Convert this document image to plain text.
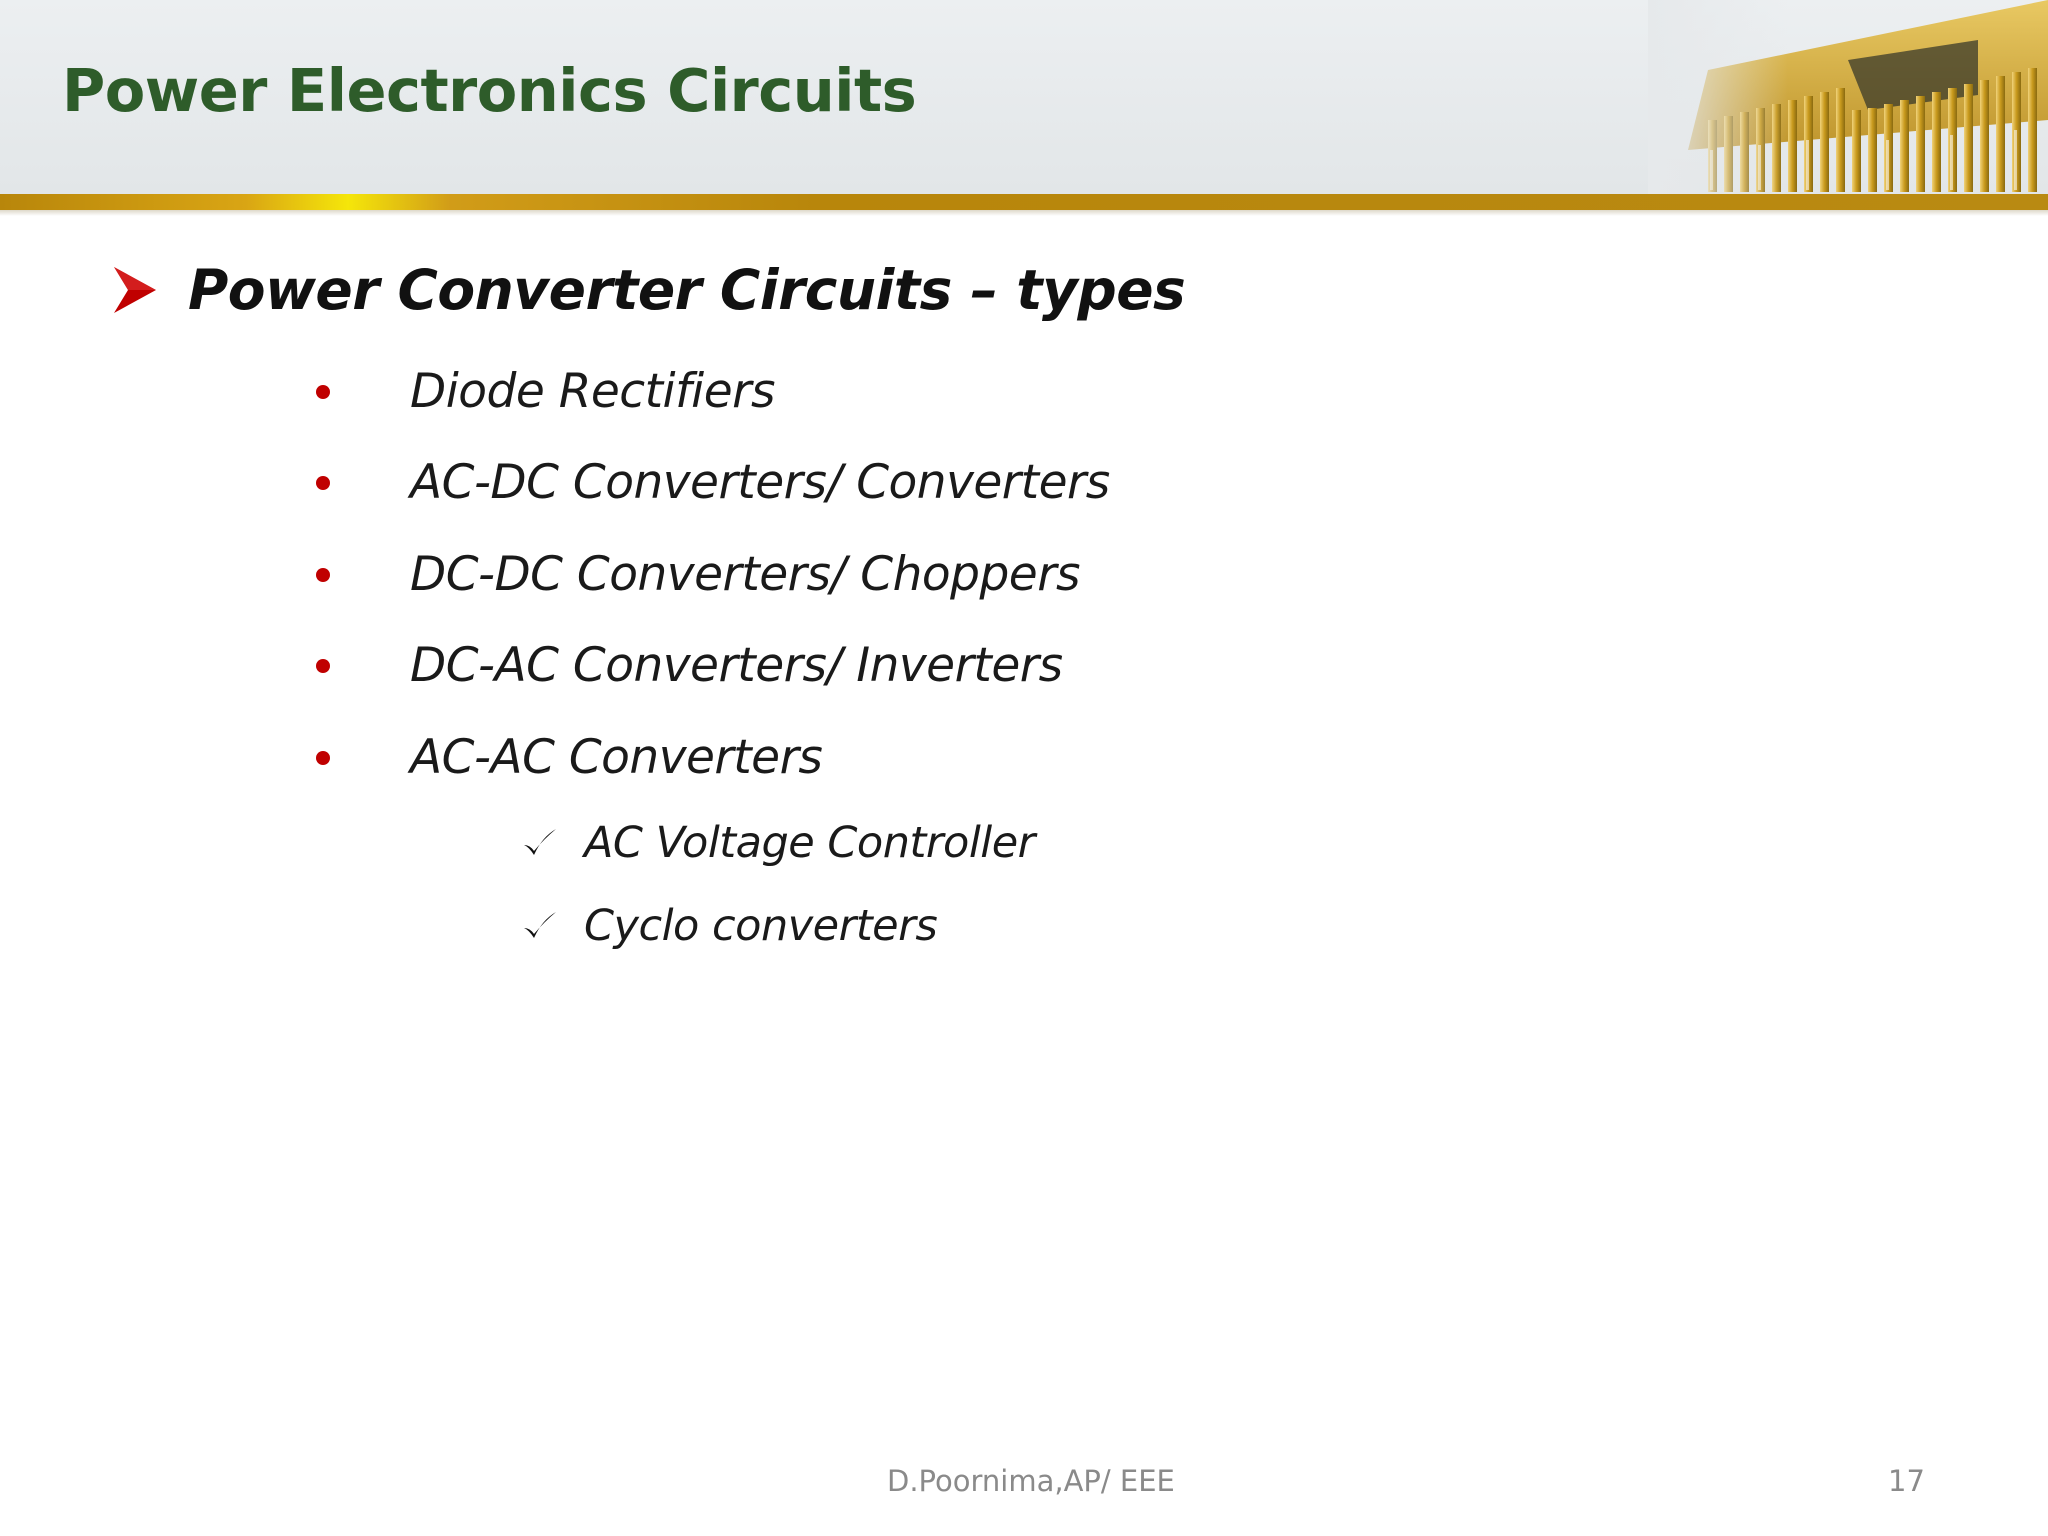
Power Electronics Circuits
Power Converter Circuits – types
Diode Rectifiers
AC-DC Converters/ Converters
DC-DC Converters/ Choppers
DC-AC Converters/ Inverters
AC-AC Converters
AC Voltage Controller
Cyclo converters
D.Poornima,AP/ EEE	17
